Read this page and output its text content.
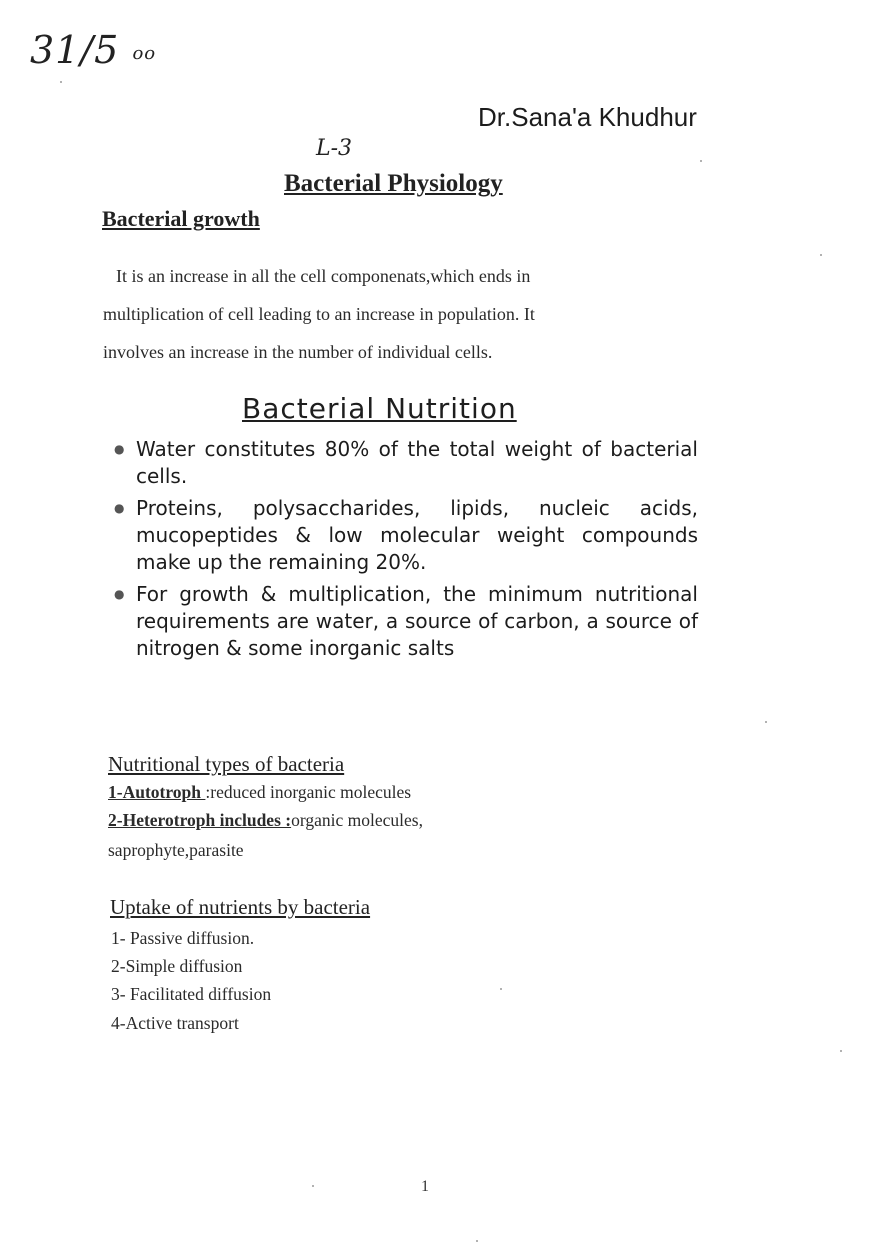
31/5 oo
L-3
Dr.Sana'a Khudhur
Bacterial Physiology
Bacterial growth
It is an increase in all the cell componenats,which ends in
multiplication of cell leading to an increase in population. It
involves an increase in the number of individual cells.
Bacterial Nutrition
● Water constitutes 80% of the total weight of bacterial cells.
● Proteins, polysaccharides, lipids, nucleic acids, mucopeptides & low molecular weight compounds make up the remaining 20%.
● For growth & multiplication, the minimum nutritional requirements are water, a source of carbon, a source of nitrogen & some inorganic salts
Nutritional types of bacteria
1-Autotroph :reduced inorganic molecules
2-Heterotroph includes :organic molecules,
saprophyte,parasite
Uptake of nutrients by bacteria
1- Passive diffusion.
2-Simple diffusion
3- Facilitated diffusion
4-Active transport
1
